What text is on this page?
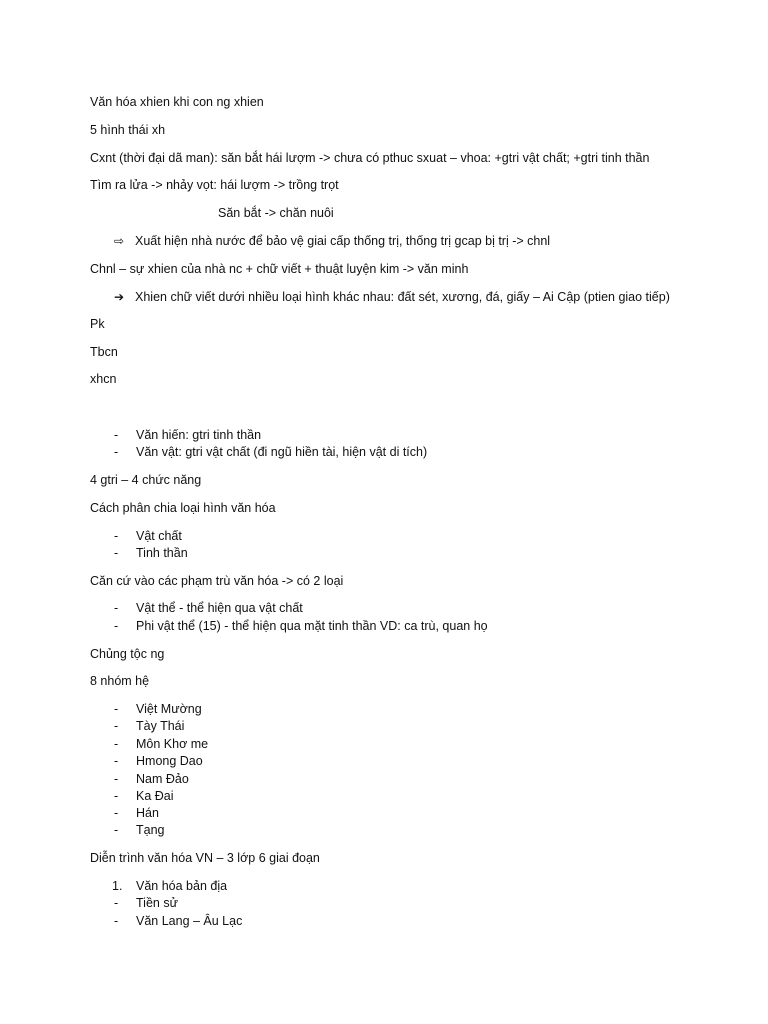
Văn hóa xhien khi con ng xhien
5 hình thái xh
Cxnt (thời đại dã man): săn bắt hái lượm -> chưa có pthuc sxuat – vhoa: +gtri vật chất; +gtri tinh thần
Tìm ra lửa -> nhảy vọt: hái lượm -> trồng trọt
Săn bắt -> chăn nuôi
⇨ Xuất hiện nhà nước để bảo vệ giai cấp thống trị, thống trị gcap bị trị -> chnl
Chnl – sự xhien của nhà nc + chữ viết + thuật luyện kim -> văn minh
➔ Xhien chữ viết dưới nhiều loại hình khác nhau: đất sét, xương, đá, giấy – Ai Cập (ptien giao tiếp)
Pk
Tbcn
xhcn
- Văn hiến: gtri tinh thần
- Văn vật: gtri vật chất (đi ngũ hiền tài, hiện vật di tích)
4 gtri – 4 chức năng
Cách phân chia loại hình văn hóa
- Vật chất
- Tinh thần
Căn cứ vào các phạm trù văn hóa -> có 2 loại
- Vật thể - thể hiện qua vật chất
- Phi vật thể (15) - thể hiện qua mặt tinh thần VD: ca trù, quan họ
Chủng tộc ng
8 nhóm hệ
- Việt Mường
- Tày Thái
- Môn Khơ me
- Hmong Dao
- Nam Đảo
- Ka Đai
- Hán
- Tạng
Diễn trình văn hóa VN – 3 lớp 6 giai đoạn
1. Văn hóa bản địa
- Tiền sử
- Văn Lang – Âu Lạc
